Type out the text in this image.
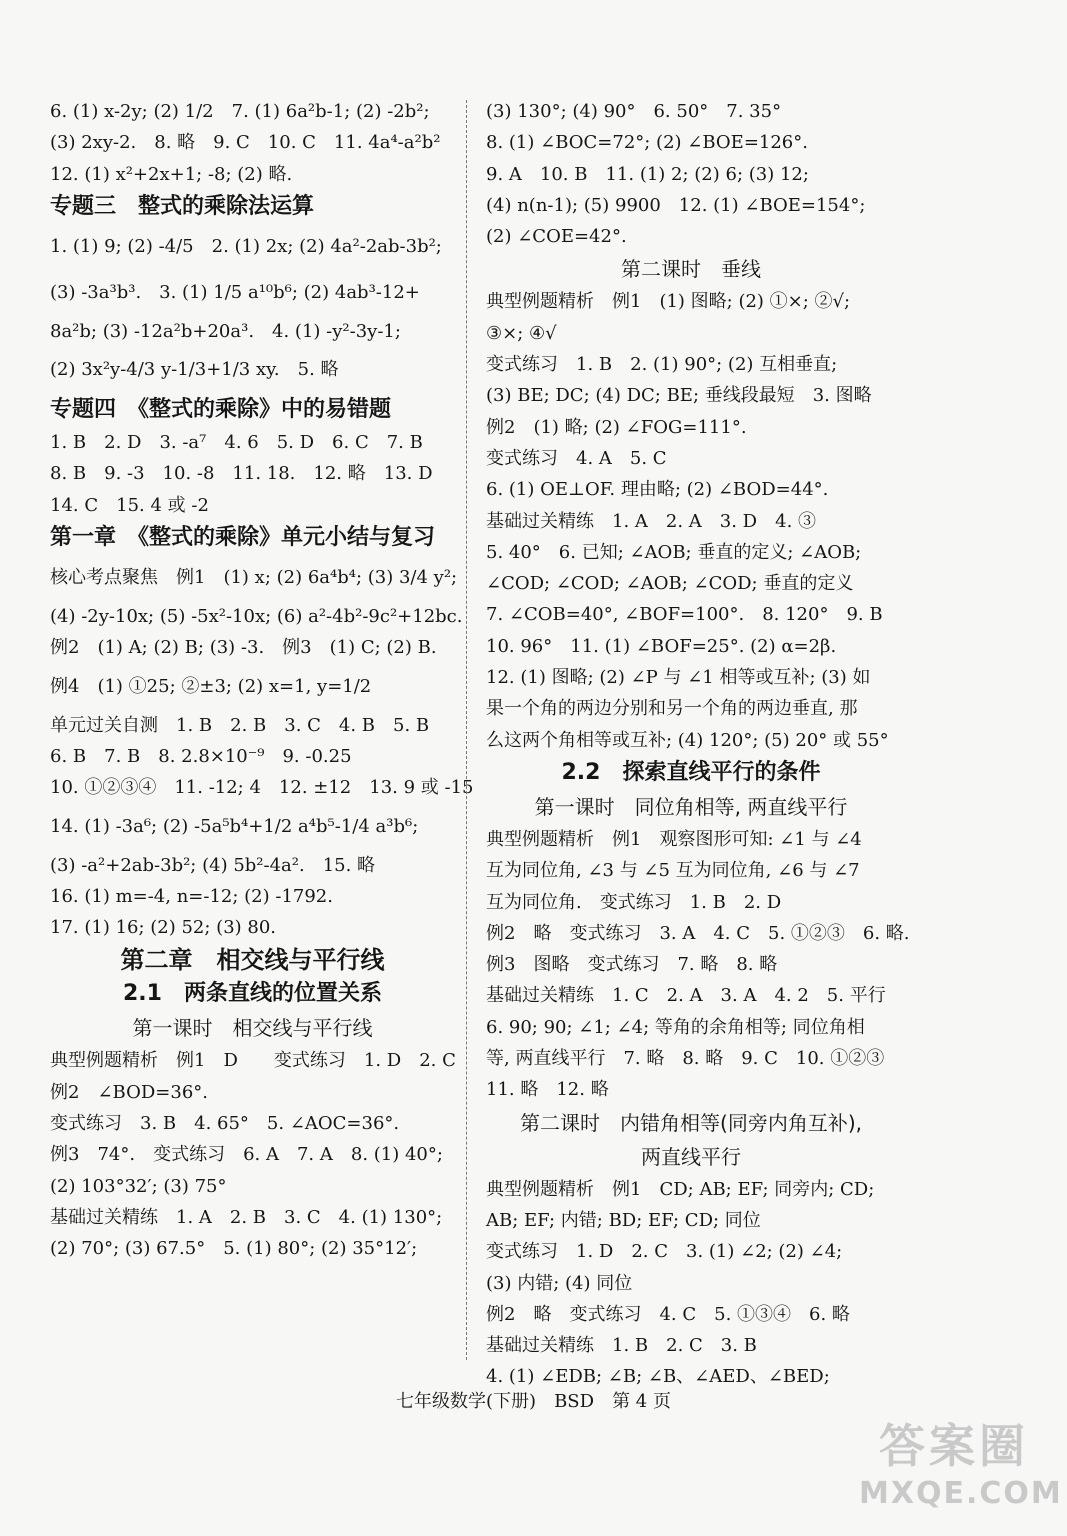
6. (1) x-2y; (2) 1/2　7. (1) 6a²b-1; (2) -2b²;
(3) 2xy-2.　8. 略　9. C　10. C　11. 4a⁴-a²b²
12. (1) x²+2x+1; -8; (2) 略.
专题三　整式的乘除法运算
1. (1) 9; (2) -4/5　2. (1) 2x; (2) 4a²-2ab-3b²;
(3) -3a³b³.　3. (1) 1/5 a¹⁰b⁶; (2) 4ab³-12+
8a²b; (3) -12a²b+20a³.　4. (1) -y²-3y-1;
(2) 3x²y-4/3 y-1/3+1/3 xy.　5. 略
专题四　《整式的乘除》中的易错题
1. B　2. D　3. -a⁷　4. 6　5. D　6. C　7. B
8. B　9. -3　10. -8　11. 18.　12. 略　13. D
14. C　15. 4 或 -2
第一章　《整式的乘除》单元小结与复习
核心考点聚焦　例1　(1) x; (2) 6a⁴b⁴; (3) 3/4 y²;
(4) -2y-10x; (5) -5x²-10x; (6) a²-4b²-9c²+12bc.
例2　(1) A; (2) B; (3) -3.　例3　(1) C; (2) B.
例4　(1) ①25; ②±3; (2) x=1, y=1/2
单元过关自测　1. B　2. B　3. C　4. B　5. B
6. B　7. B　8. 2.8×10⁻⁹　9. -0.25
10. ①②③④　11. -12; 4　12. ±12　13. 9 或 -15
14. (1) -3a⁶; (2) -5a⁵b⁴+1/2 a⁴b⁵-1/4 a³b⁶;
(3) -a²+2ab-3b²; (4) 5b²-4a².　15. 略
16. (1) m=-4, n=-12; (2) -1792.
17. (1) 16; (2) 52; (3) 80.
第二章　相交线与平行线
2.1　两条直线的位置关系
第一课时　相交线与平行线
典型例题精析　例1　D　　变式练习　1. D　2. C
例2　∠BOD=36°.
变式练习　3. B　4. 65°　5. ∠AOC=36°.
例3　74°.　变式练习　6. A　7. A　8. (1) 40°;
(2) 103°32′; (3) 75°
基础过关精练　1. A　2. B　3. C　4. (1) 130°;
(2) 70°; (3) 67.5°　5. (1) 80°; (2) 35°12′;
(3) 130°; (4) 90°　6. 50°　7. 35°
8. (1) ∠BOC=72°; (2) ∠BOE=126°.
9. A　10. B　11. (1) 2; (2) 6; (3) 12;
(4) n(n-1); (5) 9900　12. (1) ∠BOE=154°;
(2) ∠COE=42°.
第二课时　垂线
典型例题精析　例1　(1) 图略; (2) ①×; ②√;
③×; ④√
变式练习　1. B　2. (1) 90°; (2) 互相垂直;
(3) BE; DC; (4) DC; BE; 垂线段最短　3. 图略
例2　(1) 略; (2) ∠FOG=111°.
变式练习　4. A　5. C
6. (1) OE⊥OF. 理由略; (2) ∠BOD=44°.
基础过关精练　1. A　2. A　3. D　4. ③
5. 40°　6. 已知; ∠AOB; 垂直的定义; ∠AOB;
∠COD; ∠COD; ∠AOB; ∠COD; 垂直的定义
7. ∠COB=40°, ∠BOF=100°.　8. 120°　9. B
10. 96°　11. (1) ∠BOF=25°. (2) α=2β.
12. (1) 图略; (2) ∠P 与 ∠1 相等或互补; (3) 如
果一个角的两边分别和另一个角的两边垂直, 那
么这两个角相等或互补; (4) 120°; (5) 20° 或 55°
2.2　探索直线平行的条件
第一课时　同位角相等, 两直线平行
典型例题精析　例1　观察图形可知: ∠1 与 ∠4
互为同位角, ∠3 与 ∠5 互为同位角, ∠6 与 ∠7
互为同位角.　变式练习　1. B　2. D
例2　略　变式练习　3. A　4. C　5. ①②③　6. 略.
例3　图略　变式练习　7. 略　8. 略
基础过关精练　1. C　2. A　3. A　4. 2　5. 平行
6. 90; 90; ∠1; ∠4; 等角的余角相等; 同位角相
等, 两直线平行　7. 略　8. 略　9. C　10. ①②③
11. 略　12. 略
第二课时　内错角相等(同旁内角互补),
两直线平行
典型例题精析　例1　CD; AB; EF; 同旁内; CD;
AB; EF; 内错; BD; EF; CD; 同位
变式练习　1. D　2. C　3. (1) ∠2; (2) ∠4;
(3) 内错; (4) 同位
例2　略　变式练习　4. C　5. ①③④　6. 略
基础过关精练　1. B　2. C　3. B
4. (1) ∠EDB; ∠B; ∠B、∠AED、∠BED;
七年级数学(下册)　BSD　第 4 页
答案圈
MXQE.COM
